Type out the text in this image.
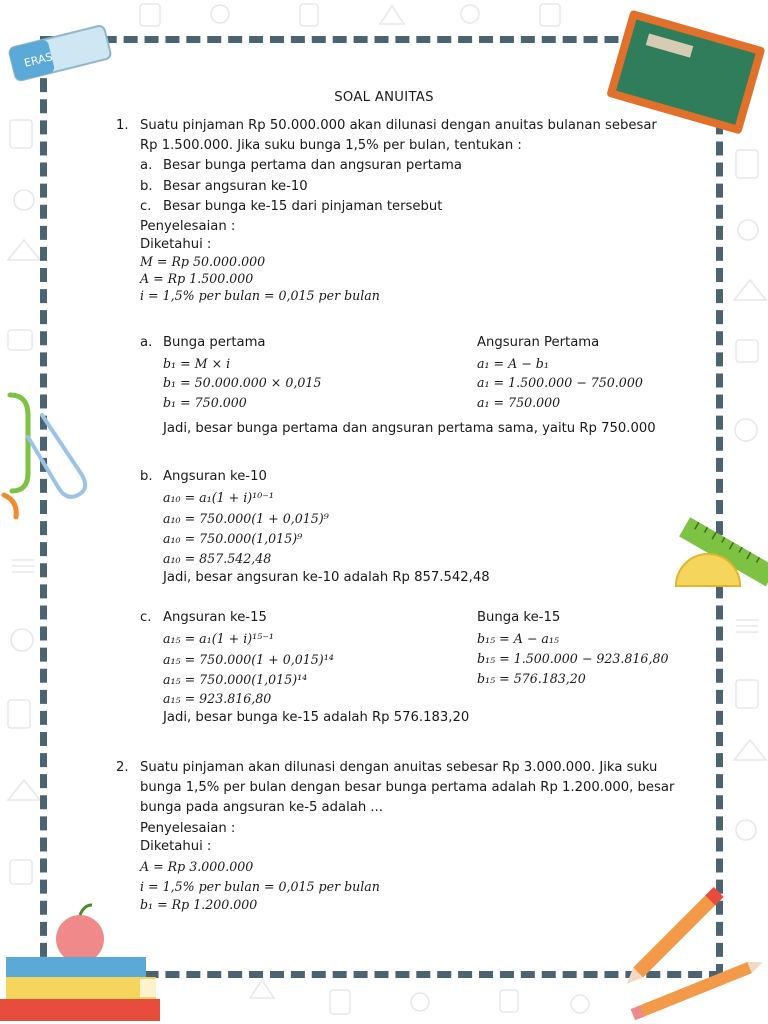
ERAS
SOAL ANUITAS
1. Suatu pinjaman Rp 50.000.000 akan dilunasi dengan anuitas bulanan sebesar
Rp 1.500.000. Jika suku bunga 1,5% per bulan, tentukan :
a. Besar bunga pertama dan angsuran pertama
b. Besar angsuran ke-10
c. Besar bunga ke-15 dari pinjaman tersebut
Penyelesaian :
Diketahui :
M = Rp 50.000.000
A = Rp 1.500.000
i = 1,5% per bulan = 0,015 per bulan
a. Bunga pertama
b₁ = M × i
b₁ = 50.000.000 × 0,015
b₁ = 750.000
Angsuran Pertama
a₁ = A − b₁
a₁ = 1.500.000 − 750.000
a₁ = 750.000
Jadi, besar bunga pertama dan angsuran pertama sama, yaitu Rp 750.000
b. Angsuran ke-10
a₁₀ = a₁(1 + i)¹⁰⁻¹
a₁₀ = 750.000(1 + 0,015)⁹
a₁₀ = 750.000(1,015)⁹
a₁₀ = 857.542,48
Jadi, besar angsuran ke-10 adalah Rp 857.542,48
c. Angsuran ke-15
a₁₅ = a₁(1 + i)¹⁵⁻¹
a₁₅ = 750.000(1 + 0,015)¹⁴
a₁₅ = 750.000(1,015)¹⁴
a₁₅ = 923.816,80
Bunga ke-15
b₁₅ = A − a₁₅
b₁₅ = 1.500.000 − 923.816,80
b₁₅ = 576.183,20
Jadi, besar bunga ke-15 adalah Rp 576.183,20
2. Suatu pinjaman akan dilunasi dengan anuitas sebesar Rp 3.000.000. Jika suku
bunga 1,5% per bulan dengan besar bunga pertama adalah Rp 1.200.000, besar
bunga pada angsuran ke-5 adalah ...
Penyelesaian :
Diketahui :
A = Rp 3.000.000
i = 1,5% per bulan = 0,015 per bulan
b₁ = Rp 1.200.000
